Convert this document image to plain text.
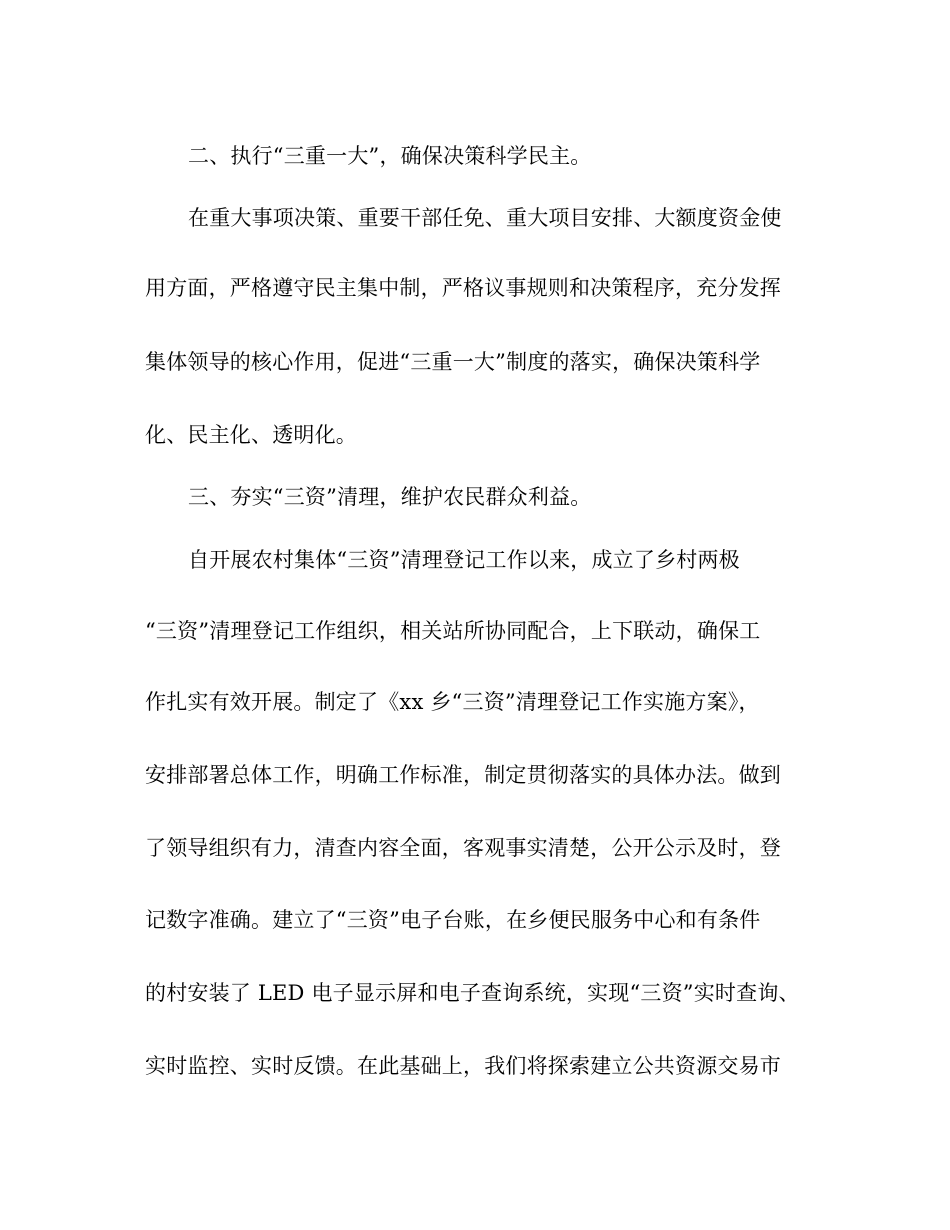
二、执行“三重一大”，确保决策科学民主。
在重大事项决策、重要干部任免、重大项目安排、大额度资金使
用方面，严格遵守民主集中制，严格议事规则和决策程序，充分发挥
集体领导的核心作用，促进“三重一大”制度的落实，确保决策科学
化、民主化、透明化。
三、夯实“三资”清理，维护农民群众利益。
自开展农村集体“三资”清理登记工作以来，成立了乡村两极
“三资”清理登记工作组织，相关站所协同配合，上下联动，确保工
作扎实有效开展。制定了《xx 乡“三资”清理登记工作实施方案》，
安排部署总体工作，明确工作标准，制定贯彻落实的具体办法。做到
了领导组织有力，清查内容全面，客观事实清楚，公开公示及时，登
记数字准确。建立了“三资”电子台账，在乡便民服务中心和有条件
的村安装了 LED 电子显示屏和电子查询系统，实现“三资”实时查询、
实时监控、实时反馈。在此基础上，我们将探索建立公共资源交易市
